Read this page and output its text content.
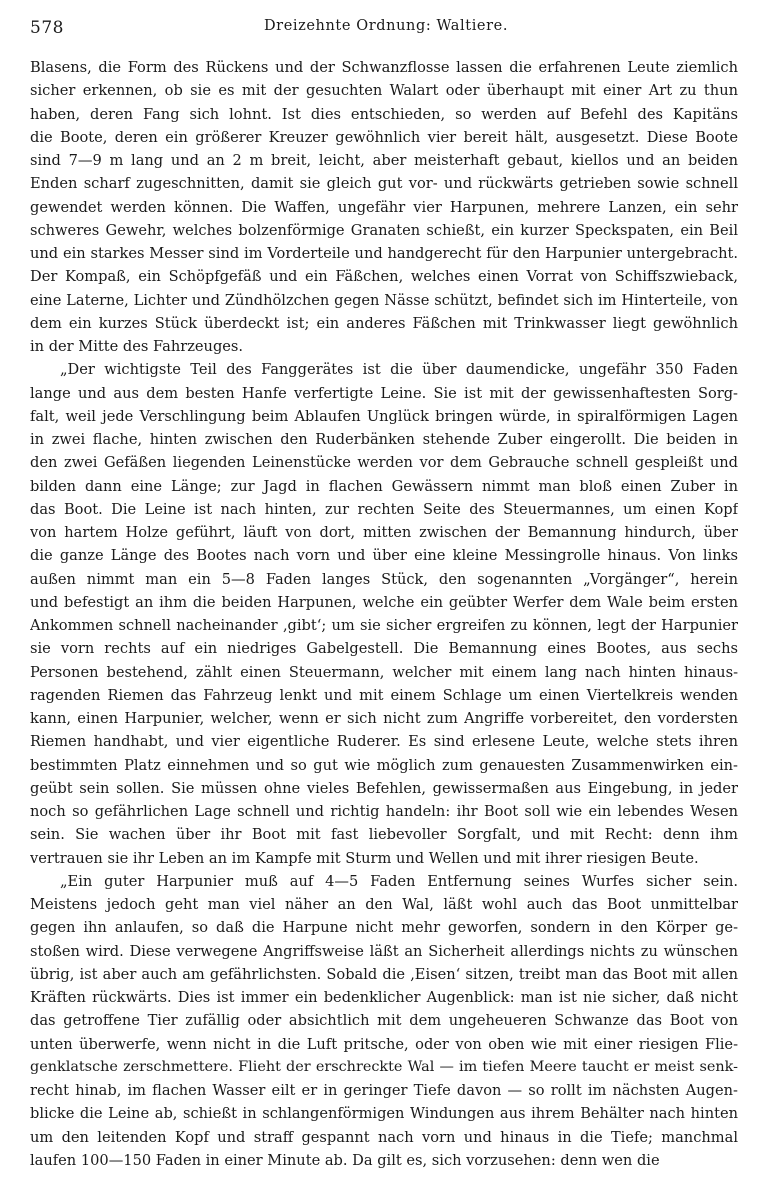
578	Dreizehnte Ordnung: Waltiere.
Blasens, die Form des Rückens und der Schwanzflosse lassen die erfahrenen Leute ziemlich
sicher erkennen, ob sie es mit der gesuchten Walart oder überhaupt mit einer Art zu thun
haben, deren Fang sich lohnt. Ist dies entschieden, so werden auf Befehl des Kapitäns
die Boote, deren ein größerer Kreuzer gewöhnlich vier bereit hält, ausgesetzt. Diese Boote
sind 7—9 m lang und an 2 m breit, leicht, aber meisterhaft gebaut, kiellos und an beiden
Enden scharf zugeschnitten, damit sie gleich gut vor- und rückwärts getrieben sowie schnell
gewendet werden können. Die Waffen, ungefähr vier Harpunen, mehrere Lanzen, ein sehr
schweres Gewehr, welches bolzenförmige Granaten schießt, ein kurzer Speckspaten, ein Beil
und ein starkes Messer sind im Vorderteile und handgerecht für den Harpunier untergebracht.
Der Kompaß, ein Schöpfgefäß und ein Fäßchen, welches einen Vorrat von Schiffszwieback,
eine Laterne, Lichter und Zündhölzchen gegen Nässe schützt, befindet sich im Hinterteile, von
dem ein kurzes Stück überdeckt ist; ein anderes Fäßchen mit Trinkwasser liegt gewöhnlich
in der Mitte des Fahrzeuges.
„Der wichtigste Teil des Fanggerätes ist die über daumendicke, ungefähr 350 Faden
lange und aus dem besten Hanfe verfertigte Leine. Sie ist mit der gewissenhaftesten Sorg-
falt, weil jede Verschlingung beim Ablaufen Unglück bringen würde, in spiralförmigen Lagen
in zwei flache, hinten zwischen den Ruderbänken stehende Zuber eingerollt. Die beiden in
den zwei Gefäßen liegenden Leinenstücke werden vor dem Gebrauche schnell gespleißt und
bilden dann eine Länge; zur Jagd in flachen Gewässern nimmt man bloß einen Zuber in
das Boot. Die Leine ist nach hinten, zur rechten Seite des Steuermannes, um einen Kopf
von hartem Holze geführt, läuft von dort, mitten zwischen der Bemannung hindurch, über
die ganze Länge des Bootes nach vorn und über eine kleine Messingrolle hinaus. Von links
außen nimmt man ein 5—8 Faden langes Stück, den sogenannten „Vorgänger“, herein
und befestigt an ihm die beiden Harpunen, welche ein geübter Werfer dem Wale beim ersten
Ankommen schnell nacheinander ‚gibt‘; um sie sicher ergreifen zu können, legt der Harpunier
sie vorn rechts auf ein niedriges Gabelgestell. Die Bemannung eines Bootes, aus sechs
Personen bestehend, zählt einen Steuermann, welcher mit einem lang nach hinten hinaus-
ragenden Riemen das Fahrzeug lenkt und mit einem Schlage um einen Viertelkreis wenden
kann, einen Harpunier, welcher, wenn er sich nicht zum Angriffe vorbereitet, den vordersten
Riemen handhabt, und vier eigentliche Ruderer. Es sind erlesene Leute, welche stets ihren
bestimmten Platz einnehmen und so gut wie möglich zum genauesten Zusammenwirken ein-
geübt sein sollen. Sie müssen ohne vieles Befehlen, gewissermaßen aus Eingebung, in jeder
noch so gefährlichen Lage schnell und richtig handeln: ihr Boot soll wie ein lebendes Wesen
sein. Sie wachen über ihr Boot mit fast liebevoller Sorgfalt, und mit Recht: denn ihm
vertrauen sie ihr Leben an im Kampfe mit Sturm und Wellen und mit ihrer riesigen Beute.
„Ein guter Harpunier muß auf 4—5 Faden Entfernung seines Wurfes sicher sein.
Meistens jedoch geht man viel näher an den Wal, läßt wohl auch das Boot unmittelbar
gegen ihn anlaufen, so daß die Harpune nicht mehr geworfen, sondern in den Körper ge-
stoßen wird. Diese verwegene Angriffsweise läßt an Sicherheit allerdings nichts zu wünschen
übrig, ist aber auch am gefährlichsten. Sobald die ‚Eisen‘ sitzen, treibt man das Boot mit allen
Kräften rückwärts. Dies ist immer ein bedenklicher Augenblick: man ist nie sicher, daß nicht
das getroffene Tier zufällig oder absichtlich mit dem ungeheueren Schwanze das Boot von
unten überwerfe, wenn nicht in die Luft pritsche, oder von oben wie mit einer riesigen Flie-
genklatsche zerschmettere. Flieht der erschreckte Wal — im tiefen Meere taucht er meist senk-
recht hinab, im flachen Wasser eilt er in geringer Tiefe davon — so rollt im nächsten Augen-
blicke die Leine ab, schießt in schlangenförmigen Windungen aus ihrem Behälter nach hinten
um den leitenden Kopf und straff gespannt nach vorn und hinaus in die Tiefe; manchmal
laufen 100—150 Faden in einer Minute ab. Da gilt es, sich vorzusehen: denn wen die
